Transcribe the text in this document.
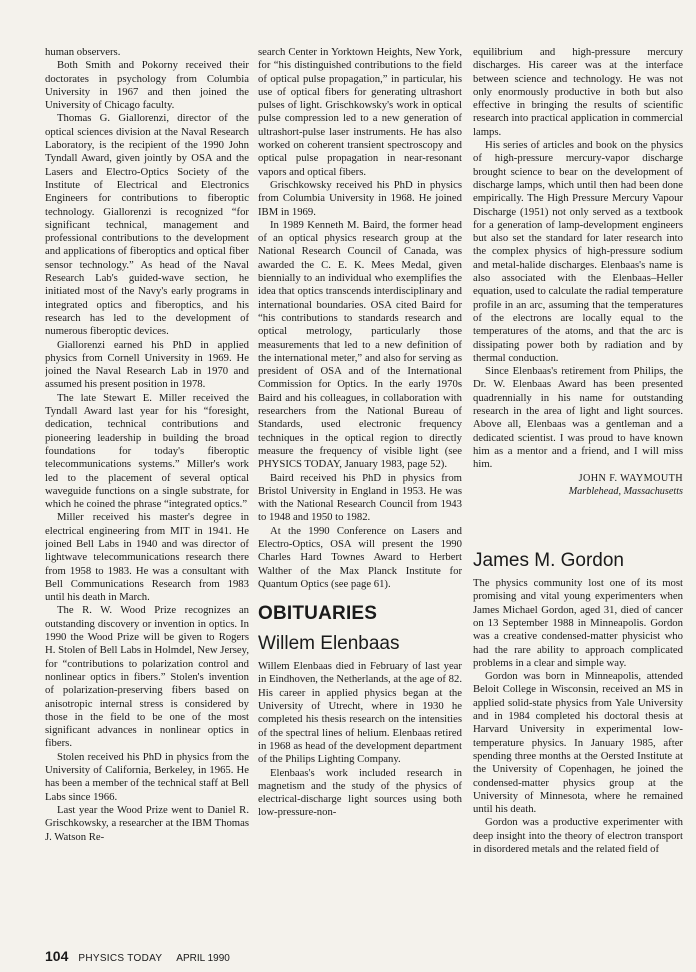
human observers.

Both Smith and Pokorny received their doctorates in psychology from Columbia University in 1967 and then joined the University of Chicago faculty.

Thomas G. Giallorenzi, director of the optical sciences division at the Naval Research Laboratory, is the recipient of the 1990 John Tyndall Award, given jointly by OSA and the Lasers and Electro-Optics Society of the Institute of Electrical and Electronics Engineers for contributions to fiberoptic technology. Giallorenzi is recognized “for significant technical, management and professional contributions to the development and applications of fiberoptics and optical fiber sensor technology.” As head of the Naval Research Lab's guided-wave section, he initiated most of the Navy's early programs in integrated optics and fiberoptics, and his research has led to the development of numerous fiberoptic devices.

Giallorenzi earned his PhD in applied physics from Cornell University in 1969. He joined the Naval Research Lab in 1970 and assumed his present position in 1978.

The late Stewart E. Miller received the Tyndall Award last year for his “foresight, dedication, technical contributions and pioneering leadership in building the broad foundations for today's fiberoptic telecommunications systems.” Miller's work led to the placement of several optical waveguide functions on a single substrate, for which he coined the phrase “integrated optics.”

Miller received his master's degree in electrical engineering from MIT in 1941. He joined Bell Labs in 1940 and was director of lightwave telecommunications research there from 1958 to 1983. He was a consultant with Bell Communications Research from 1983 until his death in March.

The R. W. Wood Prize recognizes an outstanding discovery or invention in optics. In 1990 the Wood Prize will be given to Rogers H. Stolen of Bell Labs in Holmdel, New Jersey, for “contributions to polarization control and nonlinear optics in fibers.” Stolen's invention of polarization-preserving fibers based on anisotropic internal stress is considered by those in the field to be one of the most significant advances in nonlinear optics in fibers.

Stolen received his PhD in physics from the University of California, Berkeley, in 1965. He has been a member of the technical staff at Bell Labs since 1966.

Last year the Wood Prize went to Daniel R. Grischkowsky, a researcher at the IBM Thomas J. Watson Re-

search Center in Yorktown Heights, New York, for “his distinguished contributions to the field of optical pulse propagation,” in particular, his use of optical fibers for generating ultrashort pulses of light. Grischkowsky's work in optical pulse compression led to a new generation of ultrashort-pulse laser instruments. He has also worked on coherent transient spectroscopy and optical pulse propagation in near-resonant vapors and optical fibers.

Grischkowsky received his PhD in physics from Columbia University in 1968. He joined IBM in 1969.

In 1989 Kenneth M. Baird, the former head of an optical physics research group at the National Research Council of Canada, was awarded the C. E. K. Mees Medal, given biennially to an individual who exemplifies the idea that optics transcends interdisciplinary and international boundaries. OSA cited Baird for “his contributions to standards research and optical metrology, particularly those measurements that led to a new definition of the international meter,” and also for serving as president of OSA and of the International Commission for Optics. In the early 1970s Baird and his colleagues, in collaboration with researchers from the National Bureau of Standards, used electronic frequency techniques in the optical region to directly measure the frequency of visible light (see PHYSICS TODAY, January 1983, page 52).

Baird received his PhD in physics from Bristol University in England in 1953. He was with the National Research Council from 1943 to 1948 and 1950 to 1982.

At the 1990 Conference on Lasers and Electro-Optics, OSA will present the 1990 Charles Hard Townes Award to Herbert Walther of the Max Planck Institute for Quantum Optics (see page 61).

OBITUARIES
Willem Elenbaas

Willem Elenbaas died in February of last year in Eindhoven, the Netherlands, at the age of 82. His career in applied physics began at the University of Utrecht, where in 1930 he completed his thesis research on the intensities of the spectral lines of helium. Elenbaas retired in 1968 as head of the development department of the Philips Lighting Company.

Elenbaas's work included research in magnetism and the study of the physics of electrical-discharge light sources using both low-pressure-non-

equilibrium and high-pressure mercury discharges. His career was at the interface between science and technology. He was not only enormously productive in both but also effective in bringing the results of scientific research into practical application in commercial lamps.

His series of articles and book on the physics of high-pressure mercury-vapor discharge brought science to bear on the development of discharge lamps, which until then had been done empirically. The High Pressure Mercury Vapour Discharge (1951) not only served as a textbook for a generation of lamp-development engineers but also set the standard for later research into the complex physics of high-pressure sodium and metal-halide discharges. Elenbaas's name is also associated with the Elenbaas–Heller equation, used to calculate the radial temperature profile in an arc, assuming that the temperatures of the electrons are locally equal to the temperatures of the atoms, and that the arc is dissipating power both by radiation and by thermal conduction.

Since Elenbaas's retirement from Philips, the Dr. W. Elenbaas Award has been presented quadrennially in his name for outstanding research in the area of light and light sources. Above all, Elenbaas was a gentleman and a dedicated scientist. I was proud to have known him as a mentor and a friend, and I will miss him.

JOHN F. WAYMOUTH

Marblehead, Massachusetts

James M. Gordon

The physics community lost one of its most promising and vital young experimenters when James Michael Gordon, aged 31, died of cancer on 13 September 1988 in Minneapolis. Gordon was a creative condensed-matter physicist who had the rare ability to approach complicated problems in a clear and simple way.

Gordon was born in Minneapolis, attended Beloit College in Wisconsin, received an MS in applied solid-state physics from Yale University and in 1984 completed his doctoral thesis at Harvard University in experimental low-temperature physics. In January 1985, after spending three months at the Oersted Institute at the University of Copenhagen, he joined the condensed-matter physics group at the University of Minnesota, where he remained until his death.

Gordon was a productive experimenter with deep insight into the theory of electron transport in disordered metals and the related field of

104 PHYSICS TODAY APRIL 1990
